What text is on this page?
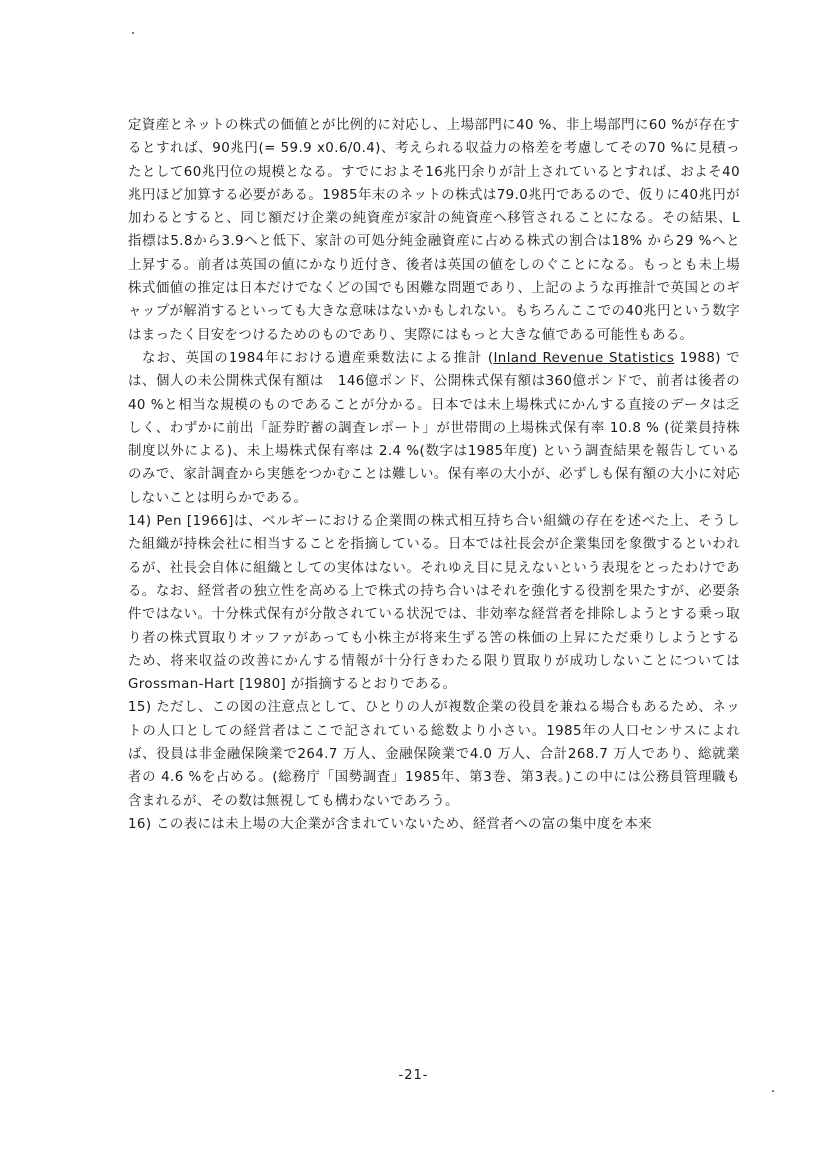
定資産とネットの株式の価値とが比例的に対応し、上場部門に40 %、非上場部門に60 %が存在するとすれば、90兆円(= 59.9 x0.6/0.4)、考えられる収益力の格差を考慮してその70 %に見積ったとして60兆円位の規模となる。すでにおよそ16兆円余りが計上されているとすれば、およそ40兆円ほど加算する必要がある。1985年末のネットの株式は79.0兆円であるので、仮りに40兆円が加わるとすると、同じ額だけ企業の純資産が家計の純資産へ移管されることになる。その結果、L指標は5.8から3.9へと低下、家計の可処分純金融資産に占める株式の割合は18% から29 %へと上昇する。前者は英国の値にかなり近付き、後者は英国の値をしのぐことになる。もっとも未上場株式価値の推定は日本だけでなくどの国でも困難な問題であり、上記のような再推計で英国とのギャップが解消するといっても大きな意味はないかもしれない。もちろんここでの40兆円という数字はまったく目安をつけるためのものであり、実際にはもっと大きな値である可能性もある。

なお、英国の1984年における遺産乗数法による推計 (Inland Revenue Statistics 1988) では、個人の未公開株式保有額は　146億ポンド、公開株式保有額は360億ポンドで、前者は後者の40 %と相当な規模のものであることが分かる。日本では未上場株式にかんする直接のデータは乏しく、わずかに前出「証券貯蓄の調査レポート」が世帯間の上場株式保有率 10.8 % (従業員持株制度以外による)、未上場株式保有率は 2.4 %(数字は1985年度) という調査結果を報告しているのみで、家計調査から実態をつかむことは難しい。保有率の大小が、必ずしも保有額の大小に対応しないことは明らかである。

14) Pen [1966]は、ベルギーにおける企業間の株式相互持ち合い組織の存在を述べた上、そうした組織が持株会社に相当することを指摘している。日本では社長会が企業集団を象徴するといわれるが、社長会自体に組織としての実体はない。それゆえ目に見えないという表現をとったわけである。なお、経営者の独立性を高める上で株式の持ち合いはそれを強化する役割を果たすが、必要条件ではない。十分株式保有が分散されている状況では、非効率な経営者を排除しようとする乗っ取り者の株式買取りオッファがあっても小株主が将来生ずる筈の株価の上昇にただ乗りしようとするため、将来収益の改善にかんする情報が十分行きわたる限り買取りが成功しないことについては Grossman-Hart [1980] が指摘するとおりである。

15) ただし、この図の注意点として、ひとりの人が複数企業の役員を兼ねる場合もあるため、ネットの人口としての経営者はここで記されている総数より小さい。1985年の人口センサスによれば、役員は非金融保険業で264.7 万人、金融保険業で4.0 万人、合計268.7 万人であり、総就業者の 4.6 %を占める。(総務庁「国勢調査」1985年、第3巻、第3表。)この中には公務員管理職も含まれるが、その数は無視しても構わないであろう。

16) この表には未上場の大企業が含まれていないため、経営者への富の集中度を本来

-21-
